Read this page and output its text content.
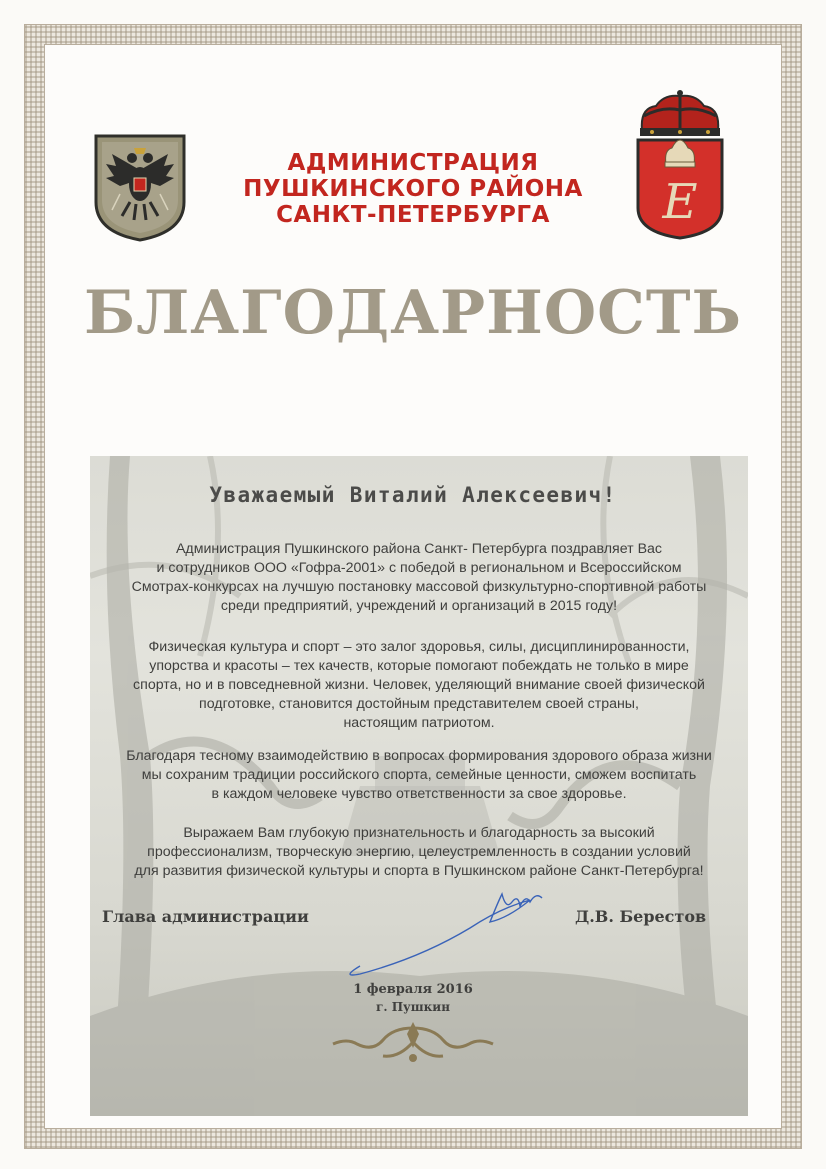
Е
АДМИНИСТРАЦИЯ
ПУШКИНСКОГО РАЙОНА
САНКТ-ПЕТЕРБУРГА
БЛАГОДАРНОСТЬ
Уважаемый Виталий Алексеевич!
Администрация Пушкинского района Санкт- Петербурга поздравляет Вас
и сотрудников ООО «Гофра-2001» с победой в региональном и Всероссийском
Смотрах-конкурсах на лучшую постановку массовой физкультурно-спортивной работы
среди предприятий, учреждений и организаций в 2015 году!
Физическая культура и спорт – это залог здоровья, силы, дисциплинированности,
упорства и красоты – тех качеств, которые помогают побеждать не только в мире
спорта, но и в повседневной жизни. Человек, уделяющий внимание своей физической
подготовке, становится достойным представителем своей страны,
настоящим патриотом.
Благодаря тесному взаимодействию в вопросах формирования здорового образа жизни
мы сохраним традиции российского спорта, семейные ценности, сможем воспитать
в каждом человеке чувство ответственности за свое здоровье.
Выражаем Вам глубокую признательность и благодарность за высокий
профессионализм, творческую энергию, целеустремленность в создании условий
для развития физической культуры и спорта в Пушкинском районе Санкт-Петербурга!
Глава администрации	Д.В. Берестов
1 февраля 2016
г. Пушкин
